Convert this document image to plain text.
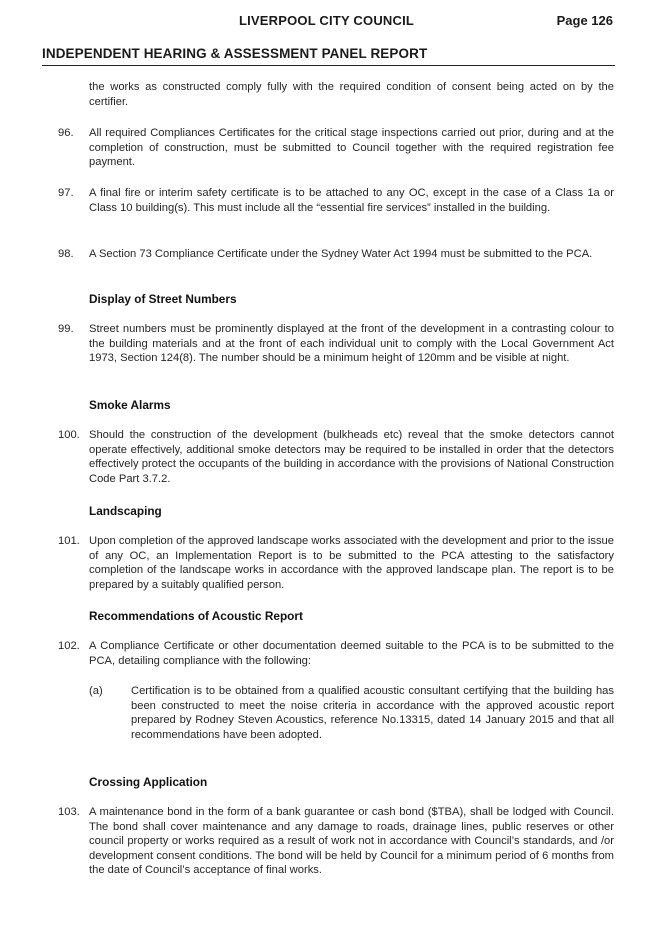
LIVERPOOL CITY COUNCIL	Page 126
INDEPENDENT HEARING & ASSESSMENT PANEL REPORT
the works as constructed comply fully with the required condition of consent being acted on by the certifier.
96. All required Compliances Certificates for the critical stage inspections carried out prior, during and at the completion of construction, must be submitted to Council together with the required registration fee payment.
97. A final fire or interim safety certificate is to be attached to any OC, except in the case of a Class 1a or Class 10 building(s). This must include all the “essential fire services” installed in the building.
98. A Section 73 Compliance Certificate under the Sydney Water Act 1994 must be submitted to the PCA.
Display of Street Numbers
99. Street numbers must be prominently displayed at the front of the development in a contrasting colour to the building materials and at the front of each individual unit to comply with the Local Government Act 1973, Section 124(8). The number should be a minimum height of 120mm and be visible at night.
Smoke Alarms
100. Should the construction of the development (bulkheads etc) reveal that the smoke detectors cannot operate effectively, additional smoke detectors may be required to be installed in order that the detectors effectively protect the occupants of the building in accordance with the provisions of National Construction Code Part 3.7.2.
Landscaping
101. Upon completion of the approved landscape works associated with the development and prior to the issue of any OC, an Implementation Report is to be submitted to the PCA attesting to the satisfactory completion of the landscape works in accordance with the approved landscape plan. The report is to be prepared by a suitably qualified person.
Recommendations of Acoustic Report
102. A Compliance Certificate or other documentation deemed suitable to the PCA is to be submitted to the PCA, detailing compliance with the following:
(a)	Certification is to be obtained from a qualified acoustic consultant certifying that the building has been constructed to meet the noise criteria in accordance with the approved acoustic report prepared by Rodney Steven Acoustics, reference No.13315, dated 14 January 2015 and that all recommendations have been adopted.
Crossing Application
103. A maintenance bond in the form of a bank guarantee or cash bond ($TBA), shall be lodged with Council. The bond shall cover maintenance and any damage to roads, drainage lines, public reserves or other council property or works required as a result of work not in accordance with Council’s standards, and /or development consent conditions. The bond will be held by Council for a minimum period of 6 months from the date of Council’s acceptance of final works.
